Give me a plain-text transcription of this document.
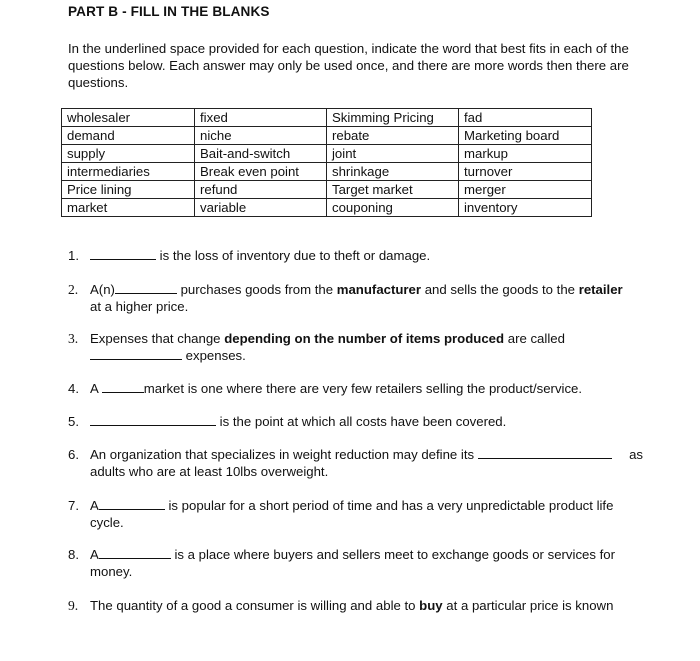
PART B - FILL IN THE BLANKS
In the underlined space provided for each question, indicate the word that best fits in each of the questions below. Each answer may only be used once, and there are more words then there are questions.
wholesaler	fixed	Skimming Pricing	fad
demand	niche	rebate	Marketing board
supply	Bait-and-switch	joint	markup
intermediaries	Break even point	shrinkage	turnover
Price lining	refund	Target market	merger
market	variable	couponing	inventory
1.	is the loss of inventory due to theft or damage.
2. A(n)	purchases goods from the manufacturer and sells the goods to the retailer
at a higher price.
3. Expenses that change depending on the number of items produced are called
expenses.
4. A	market is one where there are very few retailers selling the product/service.
5.	is the point at which all costs have been covered.
6. An organization that specializes in weight reduction may define its	as

adults who are at least 10lbs overweight.
7. A	is popular for a short period of time and has a very unpredictable product life
cycle.
8. A	is a place where buyers and sellers meet to exchange goods or services for
money.
9. The quantity of a good a consumer is willing and able to buy at a particular price is known
